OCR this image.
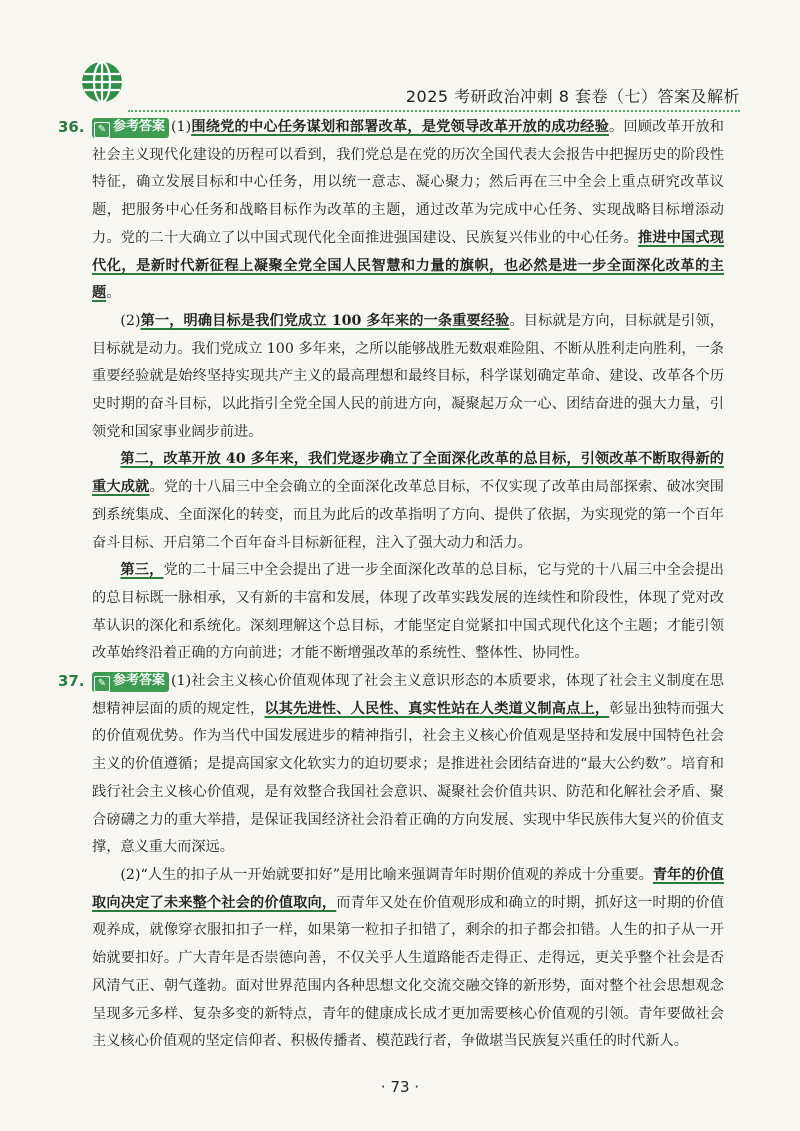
2025 考研政治冲刺 8 套卷（七）答案及解析
36.	✎ 参考答案 (1)围绕党的中心任务谋划和部署改革，是党领导改革开放的成功经验。回顾改革开放和社会主义现代化建设的历程可以看到，我们党总是在党的历次全国代表大会报告中把握历史的阶段性特征，确立发展目标和中心任务，用以统一意志、凝心聚力；然后再在三中全会上重点研究改革议题，把服务中心任务和战略目标作为改革的主题，通过改革为完成中心任务、实现战略目标增添动力。党的二十大确立了以中国式现代化全面推进强国建设、民族复兴伟业的中心任务。推进中国式现代化，是新时代新征程上凝聚全党全国人民智慧和力量的旗帜，也必然是进一步全面深化改革的主题。

(2)第一，明确目标是我们党成立 100 多年来的一条重要经验。目标就是方向，目标就是引领，目标就是动力。我们党成立 100 多年来，之所以能够战胜无数艰难险阻、不断从胜利走向胜利，一条重要经验就是始终坚持实现共产主义的最高理想和最终目标，科学谋划确定革命、建设、改革各个历史时期的奋斗目标，以此指引全党全国人民的前进方向，凝聚起万众一心、团结奋进的强大力量，引领党和国家事业阔步前进。

第二，改革开放 40 多年来，我们党逐步确立了全面深化改革的总目标，引领改革不断取得新的重大成就。党的十八届三中全会确立的全面深化改革总目标，不仅实现了改革由局部探索、破冰突围到系统集成、全面深化的转变，而且为此后的改革指明了方向、提供了依据，为实现党的第一个百年奋斗目标、开启第二个百年奋斗目标新征程，注入了强大动力和活力。

第三，党的二十届三中全会提出了进一步全面深化改革的总目标，它与党的十八届三中全会提出的总目标既一脉相承，又有新的丰富和发展，体现了改革实践发展的连续性和阶段性，体现了党对改革认识的深化和系统化。深刻理解这个总目标，才能坚定自觉紧扣中国式现代化这个主题；才能引领改革始终沿着正确的方向前进；才能不断增强改革的系统性、整体性、协同性。

37.	✎ 参考答案 (1)社会主义核心价值观体现了社会主义意识形态的本质要求，体现了社会主义制度在思想精神层面的质的规定性，以其先进性、人民性、真实性站在人类道义制高点上，彰显出独特而强大的价值观优势。作为当代中国发展进步的精神指引，社会主义核心价值观是坚持和发展中国特色社会主义的价值遵循；是提高国家文化软实力的迫切要求；是推进社会团结奋进的“最大公约数”。培育和践行社会主义核心价值观，是有效整合我国社会意识、凝聚社会价值共识、防范和化解社会矛盾、聚合磅礴之力的重大举措，是保证我国经济社会沿着正确的方向发展、实现中华民族伟大复兴的价值支撑，意义重大而深远。

(2)“人生的扣子从一开始就要扣好”是用比喻来强调青年时期价值观的养成十分重要。青年的价值取向决定了未来整个社会的价值取向，而青年又处在价值观形成和确立的时期，抓好这一时期的价值观养成，就像穿衣服扣扣子一样，如果第一粒扣子扣错了，剩余的扣子都会扣错。人生的扣子从一开始就要扣好。广大青年是否崇德向善，不仅关乎人生道路能否走得正、走得远，更关乎整个社会是否风清气正、朝气蓬勃。面对世界范围内各种思想文化交流交融交锋的新形势，面对整个社会思想观念呈现多元多样、复杂多变的新特点，青年的健康成长成才更加需要核心价值观的引领。青年要做社会主义核心价值观的坚定信仰者、积极传播者、模范践行者，争做堪当民族复兴重任的时代新人。

· 73 ·
